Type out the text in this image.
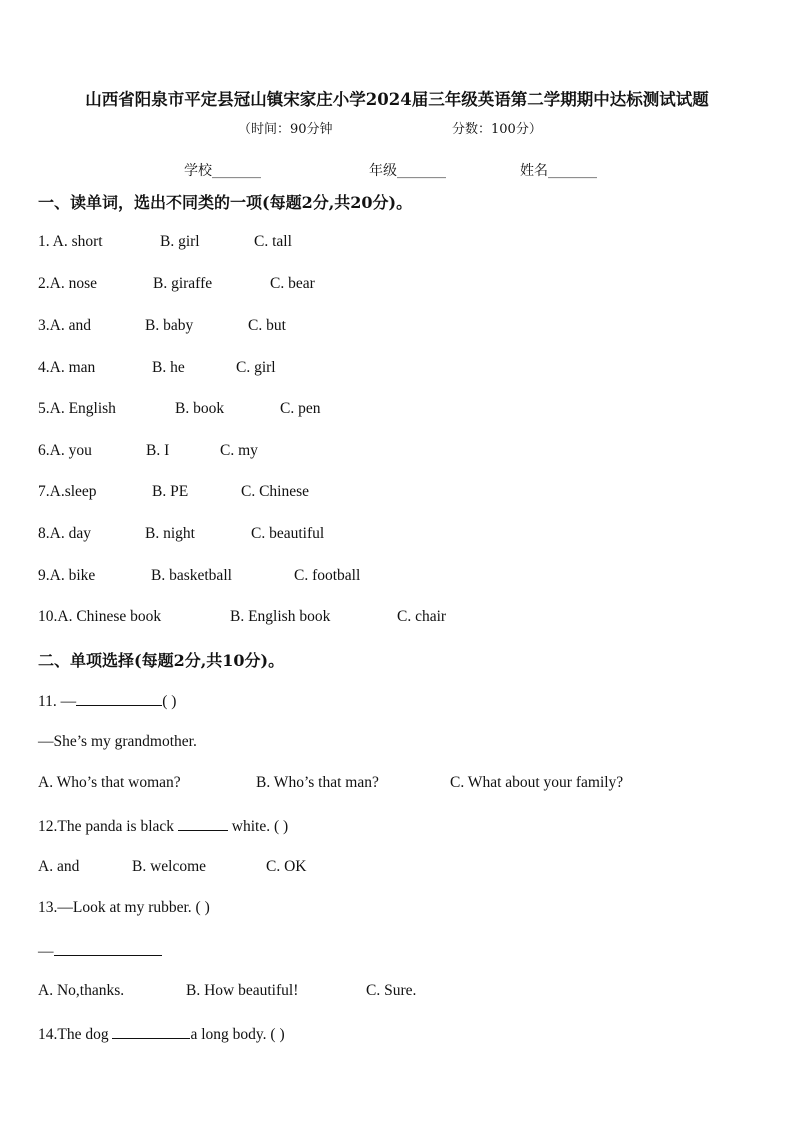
山西省阳泉市平定县冠山镇宋家庄小学2024届三年级英语第二学期期中达标测试试题
（时间：90分钟	分数：100分）
学校_______	年级_______	姓名_______
一、读单词，选出不同类的一项(每题2分,共20分)。
1. A. short	B. girl	C. tall
2.A. nose	B. giraffe	C. bear
3.A. and	B. baby	C. but
4.A. man	B. he	C. girl
5.A. English	B. book	C. pen
6.A. you	B. I	C. my
7.A.sleep	B. PE	C. Chinese
8.A. day	B. night	C. beautiful
9.A. bike	B. basketball	C. football
10.A. Chinese book	B. English book	C. chair
二、单项选择(每题2分,共10分)。
11. —	( )
—She’s my grandmother.
A. Who’s that woman?	B. Who’s that man?	C. What about your family?
12.The panda is black	white. ( )
A. and	B. welcome	C. OK
13.—Look at my rubber. ( )
—
A. No,thanks.	B. How beautiful!	C. Sure.
14.The dog	a long body. ( )
